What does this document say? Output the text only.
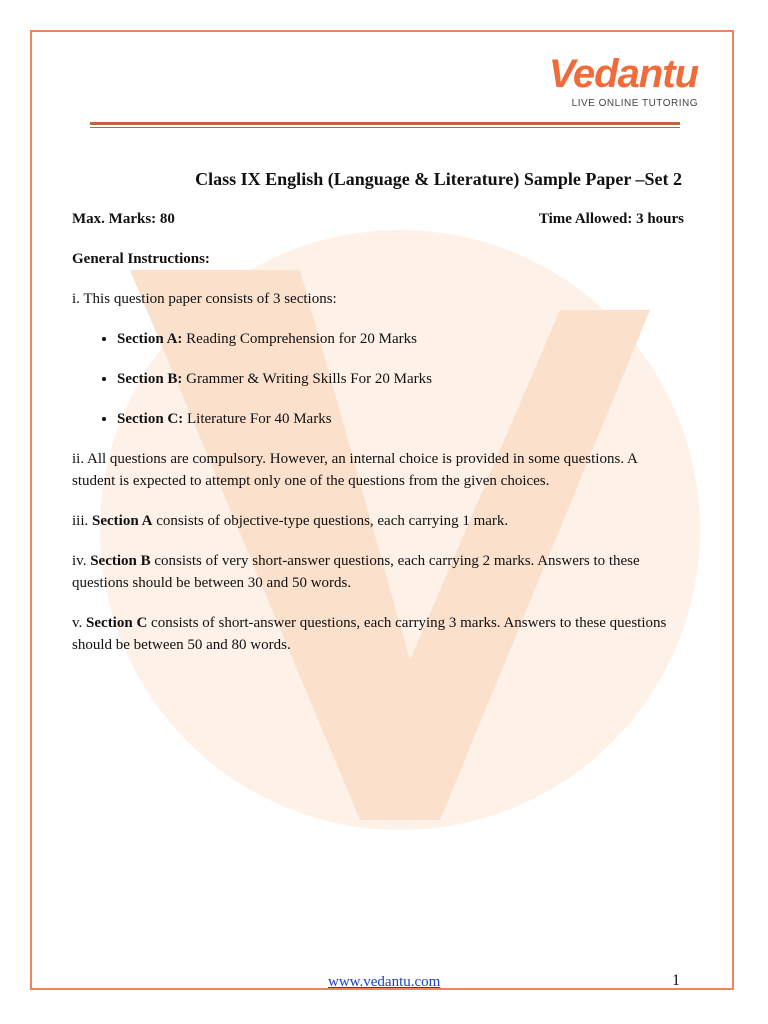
Vedantu
LIVE ONLINE TUTORING
Class IX English (Language & Literature) Sample Paper –Set 2
Max. Marks: 80	Time Allowed: 3 hours
General Instructions:

i. This question paper consists of 3 sections:

• Section A: Reading Comprehension for 20 Marks
• Section B: Grammer & Writing Skills For 20 Marks
• Section C: Literature For 40 Marks

ii. All questions are compulsory. However, an internal choice is provided in some questions. A student is expected to attempt only one of the questions from the given choices.

iii. Section A consists of objective-type questions, each carrying 1 mark.

iv. Section B consists of very short-answer questions, each carrying 2 marks. Answers to these questions should be between 30 and 50 words.

v. Section C consists of short-answer questions, each carrying 3 marks. Answers to these questions should be between 50 and 80 words.

www.vedantu.com	1
